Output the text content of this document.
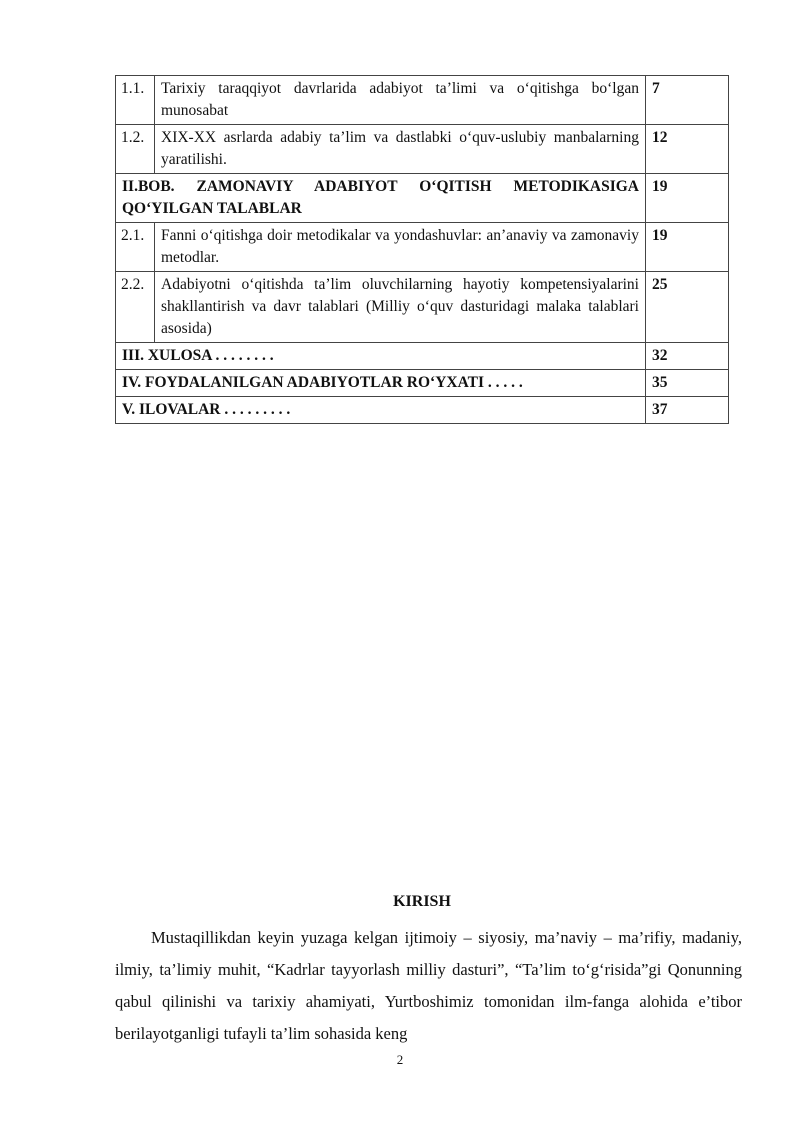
1.1.	Tarixiy taraqqiyot davrlarida adabiyot ta’limi va o‘qitishga bo‘lgan munosabat	7
1.2.	XIX-XX asrlarda adabiy ta’lim va dastlabki o‘quv-uslubiy manbalarning yaratilishi.	12
II.BOB. ZAMONAVIY ADABIYOT O‘QITISH METODIKASIGA QO‘YILGAN TALABLAR		19
2.1.	Fanni o‘qitishga doir metodikalar va yondashuvlar: an’anaviy va zamonaviy metodlar.	19
2.2.	Adabiyotni o‘qitishda ta’lim oluvchilarning hayotiy kompetensiyalarini shakllantirish va davr talablari (Milliy o‘quv dasturidagi malaka talablari asosida)	25
III. XULOSA . . . . . . . .		32
IV. FOYDALANILGAN ADABIYOTLAR RO‘YXATI . . . . .		35
V. ILOVALAR . . . . . . . . .		37
KIRISH

Mustaqillikdan keyin yuzaga kelgan ijtimoiy – siyosiy, ma’naviy – ma’rifiy, madaniy, ilmiy, ta’limiy muhit, “Kadrlar tayyorlash milliy dasturi”, “Ta’lim to‘g‘risida”gi Qonunning qabul qilinishi va tarixiy ahamiyati, Yurtboshimiz tomonidan ilm-fanga alohida e’tibor berilayotganligi tufayli ta’lim sohasida keng

2
